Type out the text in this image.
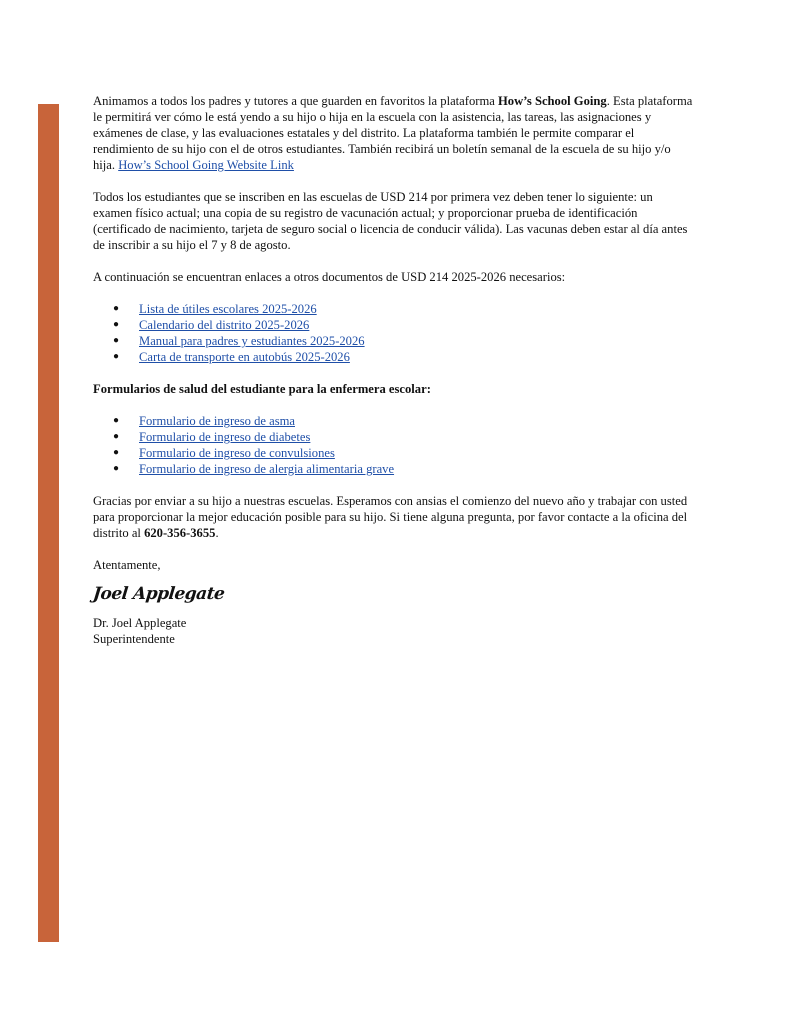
Animamos a todos los padres y tutores a que guarden en favoritos la plataforma How’s School Going. Esta plataforma le permitirá ver cómo le está yendo a su hijo o hija en la escuela con la asistencia, las tareas, las asignaciones y exámenes de clase, y las evaluaciones estatales y del distrito. La plataforma también le permite comparar el rendimiento de su hijo con el de otros estudiantes. También recibirá un boletín semanal de la escuela de su hijo y/o hija. How’s School Going Website Link

Todos los estudiantes que se inscriben en las escuelas de USD 214 por primera vez deben tener lo siguiente: un examen físico actual; una copia de su registro de vacunación actual; y proporcionar prueba de identificación (certificado de nacimiento, tarjeta de seguro social o licencia de conducir válida). Las vacunas deben estar al día antes de inscribir a su hijo el 7 y 8 de agosto.

A continuación se encuentran enlaces a otros documentos de USD 214 2025-2026 necesarios:

● Lista de útiles escolares 2025-2026
● Calendario del distrito 2025-2026
● Manual para padres y estudiantes 2025-2026
● Carta de transporte en autobús 2025-2026

Formularios de salud del estudiante para la enfermera escolar:

● Formulario de ingreso de asma
● Formulario de ingreso de diabetes
● Formulario de ingreso de convulsiones
● Formulario de ingreso de alergia alimentaria grave

Gracias por enviar a su hijo a nuestras escuelas. Esperamos con ansias el comienzo del nuevo año y trabajar con usted para proporcionar la mejor educación posible para su hijo. Si tiene alguna pregunta, por favor contacte a la oficina del distrito al 620-356-3655.

Atentamente,

Joel Applegate

Dr. Joel Applegate

Superintendente
